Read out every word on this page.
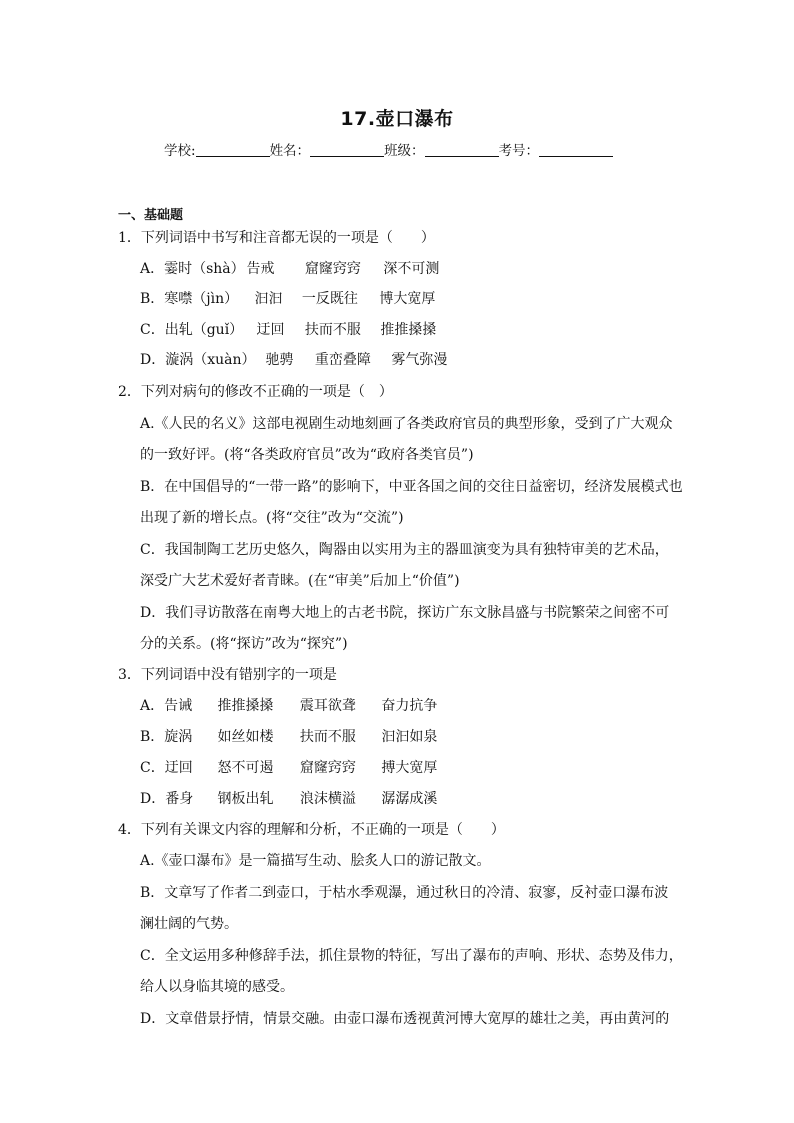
17.壶口瀑布
学校:	姓名：	班级：	考号：
一、基础题
1．下列词语中书写和注音都无误的一项是（　　）
A．霎时（shà） 告戒 窟窿窍窍 深不可测
B．寒噤（jìn） 汩汩 一反既往 博大宽厚
C．出轧（guǐ） 迂回 扶而不服 推推搡搡
D．漩涡（xuàn） 驰骋 重峦叠障 雾气弥漫
2．下列对病句的修改不正确的一项是（　）
A.《人民的名义》这部电视剧生动地刻画了各类政府官员的典型形象，受到了广大观众
的一致好评。(将“各类政府官员”改为“政府各类官员”)
B．在中国倡导的“一带一路”的影响下，中亚各国之间的交往日益密切，经济发展模式也
出现了新的增长点。(将“交往”改为“交流”)
C．我国制陶工艺历史悠久，陶器由以实用为主的器皿演变为具有独特审美的艺术品，
深受广大艺术爱好者青睐。(在“审美”后加上“价值”)
D．我们寻访散落在南粤大地上的古老书院，探访广东文脉昌盛与书院繁荣之间密不可
分的关系。(将“探访”改为“探究”)
3．下列词语中没有错别字的一项是
A．告诫 推推搡搡 震耳欲聋 奋力抗争
B．旋涡 如丝如楼 扶而不服 汩汩如泉
C．迂回 怒不可遏 窟窿窍窍 搏大宽厚
D．番身 钢板出轧 浪沫横溢 潺潺成溪
4．下列有关课文内容的理解和分析，不正确的一项是（　　）
A.《壶口瀑布》是一篇描写生动、脍炙人口的游记散文。
B．文章写了作者二到壶口，于枯水季观瀑，通过秋日的冷清、寂寥，反衬壶口瀑布波
澜壮阔的气势。
C．全文运用多种修辞手法，抓住景物的特征，写出了瀑布的声响、形状、态势及伟力，
给人以身临其境的感受。
D．文章借景抒情，情景交融。由壶口瀑布透视黄河博大宽厚的雄壮之美，再由黄河的
